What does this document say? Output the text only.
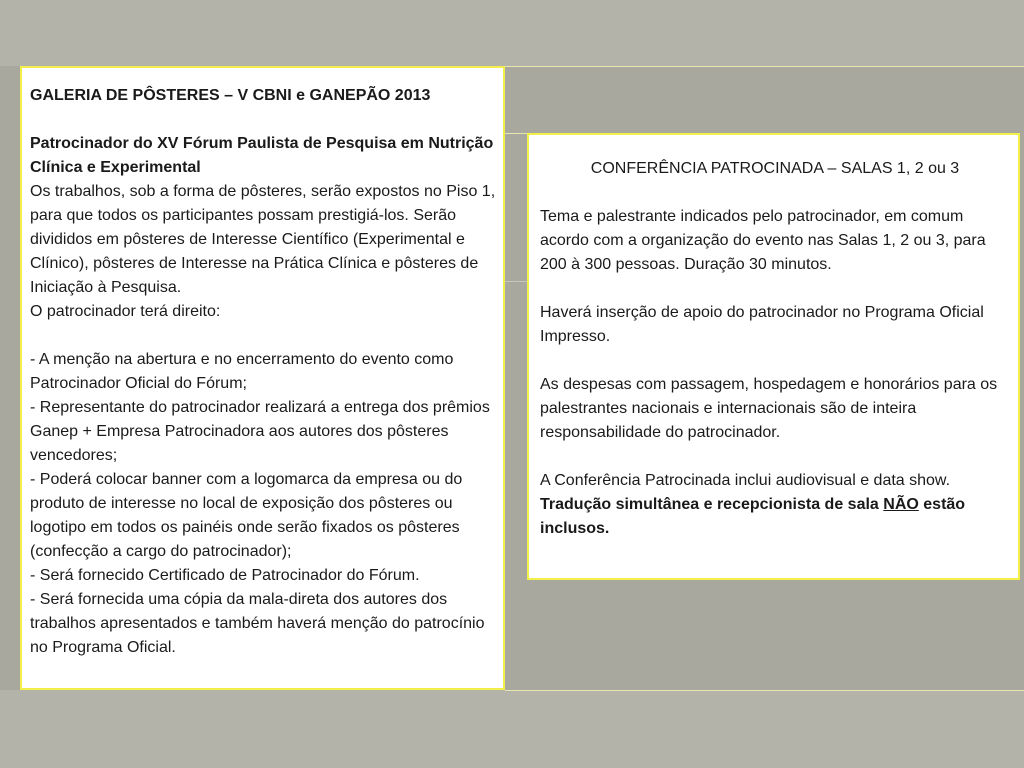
GALERIA DE PÔSTERES – V CBNI e GANEPÃO 2013

Patrocinador do XV Fórum Paulista de Pesquisa em Nutrição Clínica e Experimental

Os trabalhos, sob a forma de pôsteres, serão expostos no Piso 1, para que todos os participantes possam prestigiá-los. Serão divididos em pôsteres de Interesse Científico (Experimental e Clínico), pôsteres de Interesse na Prática Clínica e pôsteres de Iniciação à Pesquisa.

O patrocinador terá direito:

- A menção na abertura e no encerramento do evento como Patrocinador Oficial do Fórum;

- Representante do patrocinador realizará a entrega dos prêmios Ganep + Empresa Patrocinadora aos autores dos pôsteres vencedores;

- Poderá colocar banner com a logomarca da empresa ou do produto de interesse no local de exposição dos pôsteres ou logotipo em todos os painéis onde serão fixados os pôsteres (confecção a cargo do patrocinador);

- Será fornecido Certificado de Patrocinador do Fórum.

- Será fornecida uma cópia da mala-direta dos autores dos trabalhos apresentados e também haverá menção do patrocínio no Programa Oficial.

CONFERÊNCIA PATROCINADA – SALAS 1, 2 ou 3

Tema e palestrante indicados pelo patrocinador, em comum acordo com a organização do evento nas Salas 1, 2 ou 3, para 200 à 300 pessoas. Duração 30 minutos.

Haverá inserção de apoio do patrocinador no Programa Oficial Impresso.

As despesas com passagem, hospedagem e honorários para os palestrantes nacionais e internacionais são de inteira responsabilidade do patrocinador.

A Conferência Patrocinada inclui audiovisual e data show.

Tradução simultânea e recepcionista de sala NÃO estão inclusos.
